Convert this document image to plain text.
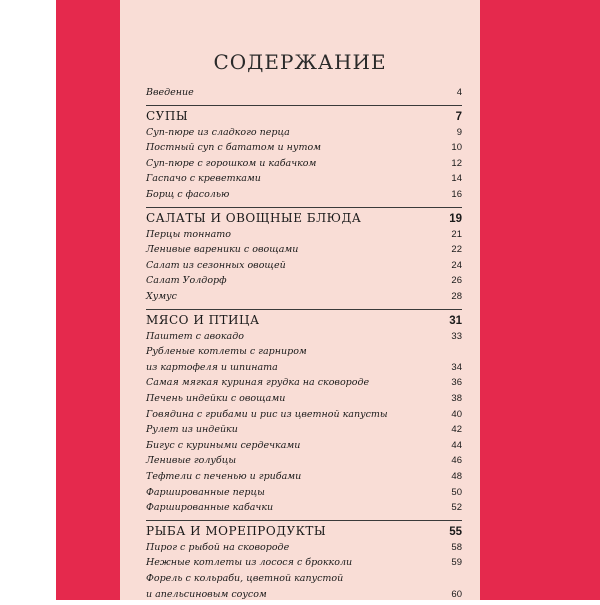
СОДЕРЖАНИЕ
Введение	4
СУПЫ	7
Суп-пюре из сладкого перца	9
Постный суп с бататом и нутом	10
Суп-пюре с горошком и кабачком	12
Гаспачо с креветками	14
Борщ с фасолью	16
САЛАТЫ И ОВОЩНЫЕ БЛЮДА	19
Перцы тоннато	21
Ленивые вареники с овощами	22
Салат из сезонных овощей	24
Салат Уолдорф	26
Хумус	28
МЯСО И ПТИЦА	31
Паштет с авокадо	33
Рубленые котлеты с гарниром
из картофеля и шпината	34
Самая мягкая куриная грудка на сковороде	36
Печень индейки с овощами	38
Говядина с грибами и рис из цветной капусты	40
Рулет из индейки	42
Бигус с куриными сердечками	44
Ленивые голубцы	46
Тефтели с печенью и грибами	48
Фаршированные перцы	50
Фаршированные кабачки	52
РЫБА И МОРЕПРОДУКТЫ	55
Пирог с рыбой на сковороде	58
Нежные котлеты из лосося с брокколи	59
Форель с кольраби, цветной капустой
и апельсиновым соусом	60
